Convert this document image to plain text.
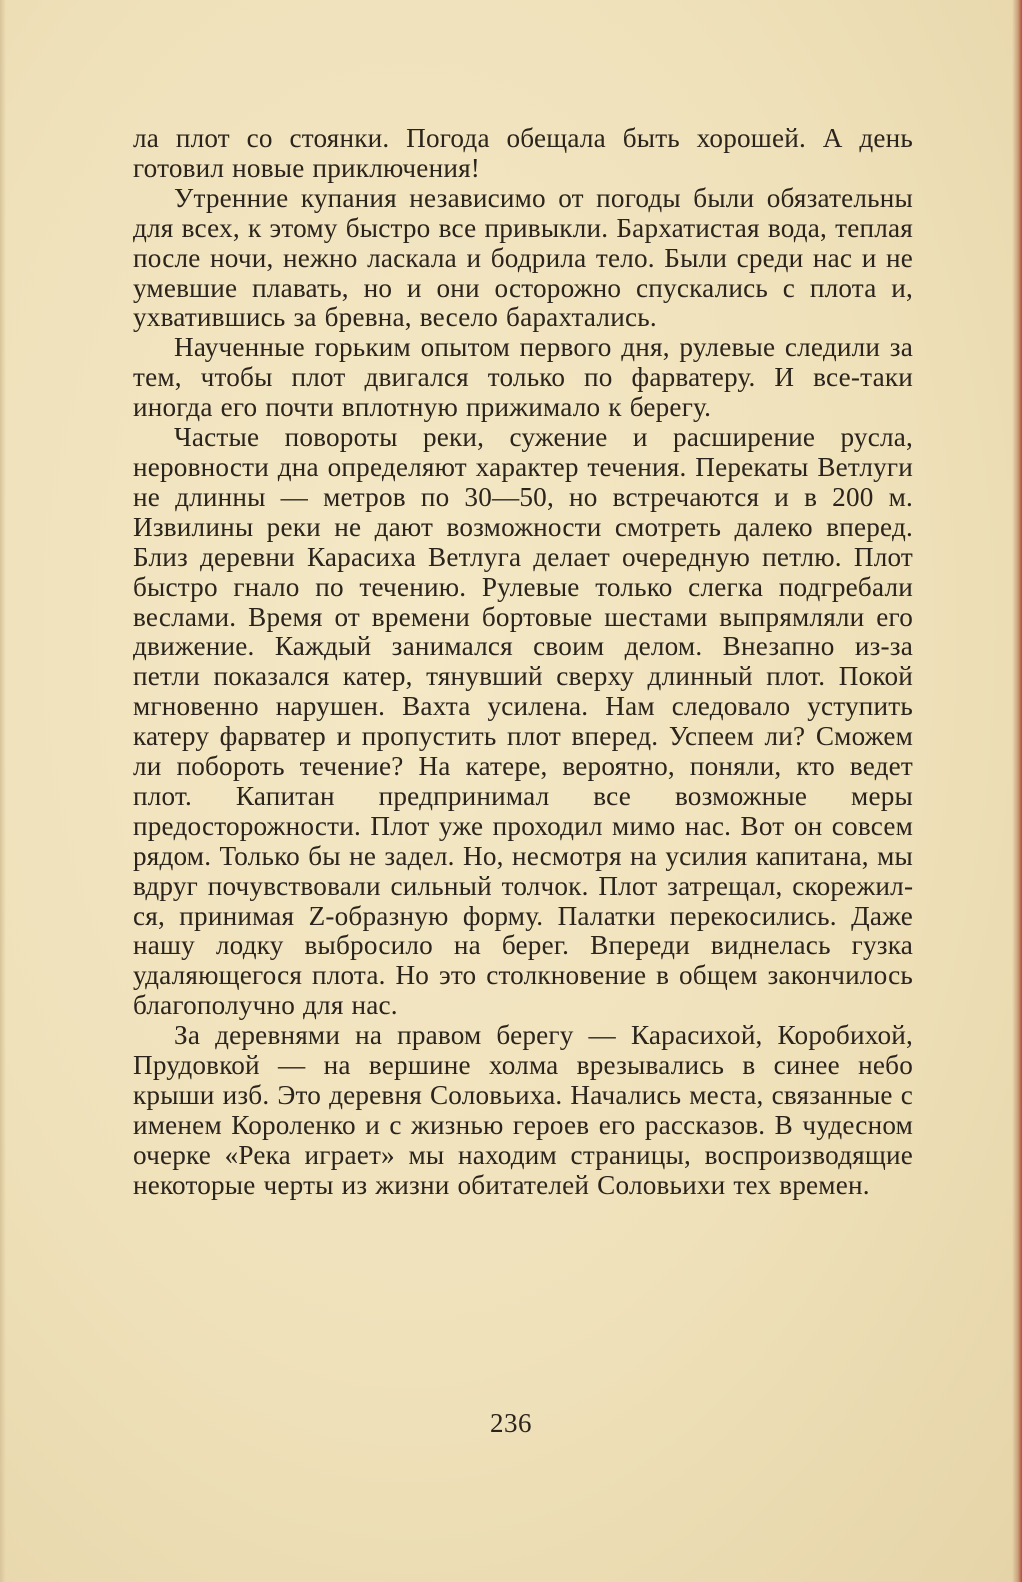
ла плот со стоянки. Погода обещала быть хорошей. А день готовил новые приключения!

Утренние купания независимо от погоды были обязательны для всех, к этому быстро все привыкли. Бархатистая вода, теплая после ночи, нежно ласкала и бодрила тело. Были среди нас и не умевшие плавать, но и они осторожно спускались с плота и, ухватившись за бревна, весело барахтались.

Наученные горьким опытом первого дня, рулевые следили за тем, чтобы плот двигался только по фарватеру. И все-таки иногда его почти вплотную прижимало к берегу.

Частые повороты реки, сужение и расширение русла, неровности дна определяют характер течения. Перекаты Ветлуги не длинны — метров по 30—50, но встречаются и в 200 м. Извилины реки не дают возможности смотреть далеко вперед. Близ деревни Карасиха Ветлуга делает очередную петлю. Плот быстро гнало по течению. Рулевые только слегка подгребали веслами. Время от времени бортовые шестами выпрямляли его движение. Каждый занимался своим делом. Внезапно из-за петли показался катер, тянувший сверху длинный плот. Покой мгновенно нарушен. Вахта усилена. Нам следовало уступить катеру фарватер и пропустить плот вперед. Успеем ли? Сможем ли побороть течение? На катере, вероятно, поняли, кто ведет плот. Капитан предпринимал все возможные меры предосторожности. Плот уже проходил мимо нас. Вот он совсем рядом. Только бы не задел. Но, несмотря на усилия капитана, мы вдруг почувствовали сильный толчок. Плот затрещал, скорежился, принимая Z-образную форму. Палатки перекосились. Даже нашу лодку выбросило на берег. Впереди виднелась гузка удаляющегося плота. Но это столкновение в общем закончилось благополучно для нас.

За деревнями на правом берегу — Карасихой, Коробихой, Прудовкой — на вершине холма врезывались в синее небо крыши изб. Это деревня Соловьиха. Начались места, связанные с именем Короленко и с жизнью героев его рассказов. В чудесном очерке «Река играет» мы находим страницы, воспроизводящие некоторые черты из жизни обитателей Соловьихи тех времен.

236
